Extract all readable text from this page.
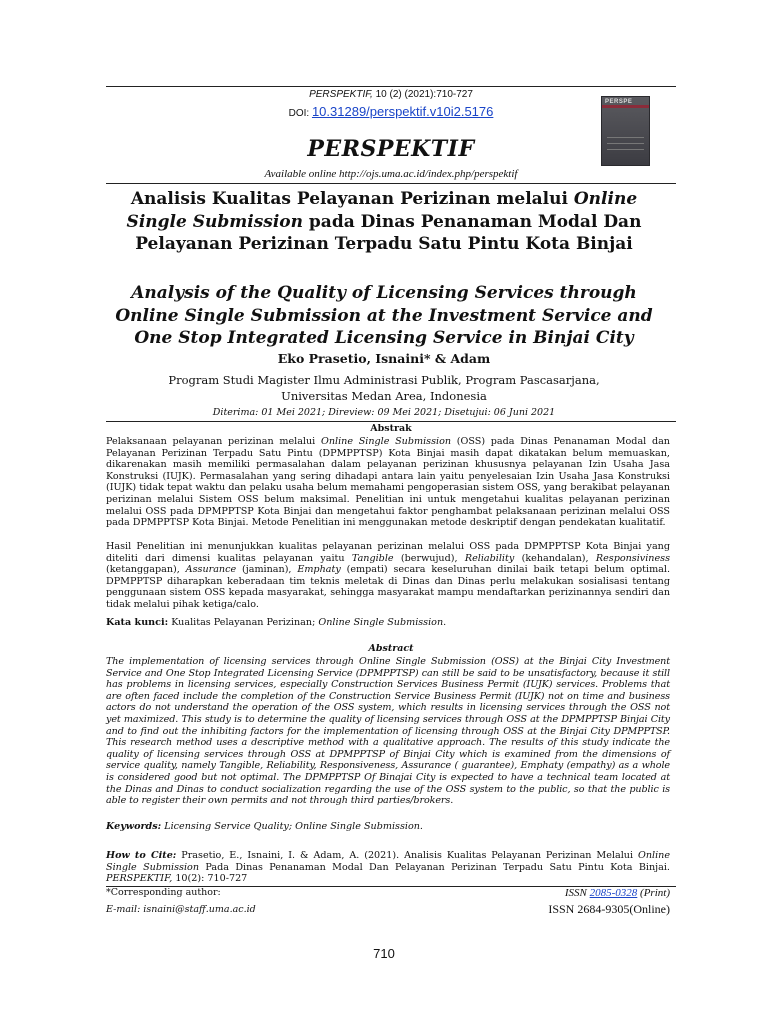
PERSPEKTIF, 10 (2) (2021):710-727
DOI: 10.31289/perspektif.v10i2.5176
PERSPEKTIF
Available online http://ojs.uma.ac.id/index.php/perspektif
PERSPE
Analisis Kualitas Pelayanan Perizinan melalui Online Single Submission pada Dinas Penanaman Modal Dan Pelayanan Perizinan Terpadu Satu Pintu Kota Binjai
Analysis of the Quality of Licensing Services through Online Single Submission at the Investment Service and One Stop Integrated Licensing Service in Binjai City
Eko Prasetio, Isnaini* & Adam
Program Studi Magister Ilmu Administrasi Publik, Program Pascasarjana,
Universitas Medan Area, Indonesia
Diterima: 01 Mei 2021; Direview: 09 Mei 2021; Disetujui: 06 Juni 2021
Abstrak
Pelaksanaan pelayanan perizinan melalui Online Single Submission (OSS) pada Dinas Penanaman Modal dan Pelayanan Perizinan Terpadu Satu Pintu (DPMPPTSP) Kota Binjai masih dapat dikatakan belum memuaskan, dikarenakan masih memiliki permasalahan dalam pelayanan perizinan khususnya pelayanan Izin Usaha Jasa Konstruksi (IUJK). Permasalahan yang sering dihadapi antara lain yaitu penyelesaian Izin Usaha Jasa Konstruksi (IUJK) tidak tepat waktu dan pelaku usaha belum memahami pengoperasian sistem OSS, yang berakibat pelayanan perizinan melalui Sistem OSS belum maksimal. Penelitian ini untuk mengetahui kualitas pelayanan perizinan melalui OSS pada DPMPPTSP Kota Binjai dan mengetahui faktor penghambat pelaksanaan perizinan melalui OSS pada DPMPPTSP Kota Binjai. Metode Penelitian ini menggunakan metode deskriptif dengan pendekatan kualitatif.
Hasil Penelitian ini menunjukkan kualitas pelayanan perizinan melalui OSS pada DPMPPTSP Kota Binjai yang diteliti dari dimensi kualitas pelayanan yaitu Tangible (berwujud), Reliability (kehandalan), Responsiviness (ketanggapan), Assurance (jaminan), Emphaty (empati) secara keseluruhan dinilai baik tetapi belum optimal. DPMPPTSP diharapkan keberadaan tim teknis meletak di Dinas dan Dinas perlu melakukan sosialisasi tentang penggunaan sistem OSS kepada masyarakat, sehingga masyarakat mampu mendaftarkan perizinannya sendiri dan tidak melalui pihak ketiga/calo.
Kata kunci: Kualitas Pelayanan Perizinan; Online Single Submission.
Abstract
The implementation of licensing services through Online Single Submission (OSS) at the Binjai City Investment Service and One Stop Integrated Licensing Service (DPMPPTSP) can still be said to be unsatisfactory, because it still has problems in licensing services, especially Construction Services Business Permit (IUJK) services. Problems that are often faced include the completion of the Construction Service Business Permit (IUJK) not on time and business actors do not understand the operation of the OSS system, which results in licensing services through the OSS not yet maximized. This study is to determine the quality of licensing services through OSS at the DPMPPTSP Binjai City and to find out the inhibiting factors for the implementation of licensing through OSS at the Binjai City DPMPPTSP. This research method uses a descriptive method with a qualitative approach. The results of this study indicate the quality of licensing services through OSS at DPMPPTSP of Binjai City which is examined from the dimensions of service quality, namely Tangible, Reliability, Responsiveness, Assurance ( guarantee), Emphaty (empathy) as a whole is considered good but not optimal. The DPMPPTSP Of Binajai City is expected to have a technical team located at the Dinas and Dinas to conduct socialization regarding the use of the OSS system to the public, so that the public is able to register their own permits and not through third parties/brokers.
Keywords: Licensing Service Quality; Online Single Submission.
How to Cite: Prasetio, E., Isnaini, I. & Adam, A. (2021). Analisis Kualitas Pelayanan Perizinan Melalui Online Single Submission Pada Dinas Penanaman Modal Dan Pelayanan Perizinan Terpadu Satu Pintu Kota Binjai. PERSPEKTIF, 10(2): 710-727
*Corresponding author:
E-mail: isnaini@staff.uma.ac.id
ISSN 2085-0328 (Print)
ISSN 2684-9305(Online)
710
